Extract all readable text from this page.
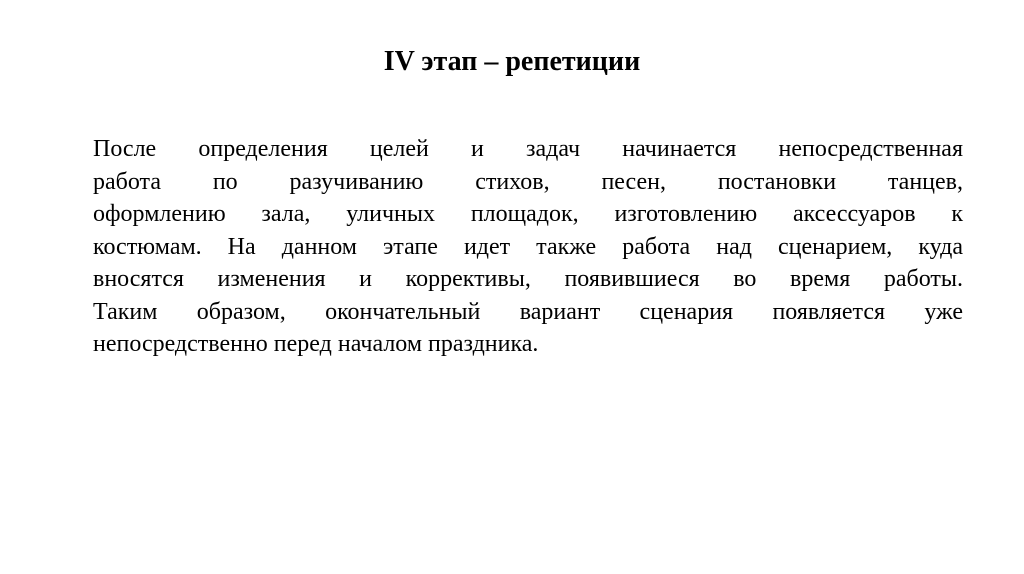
IV этап – репетиции
После определения целей и задач начинается непосредственная
работа по разучиванию стихов, песен, постановки танцев,
оформлению зала, уличных площадок, изготовлению аксессуаров к
костюмам. На данном этапе идет также работа над сценарием, куда
вносятся изменения и коррективы, появившиеся во время работы.
Таким образом, окончательный вариант сценария появляется уже
непосредственно перед началом праздника.
